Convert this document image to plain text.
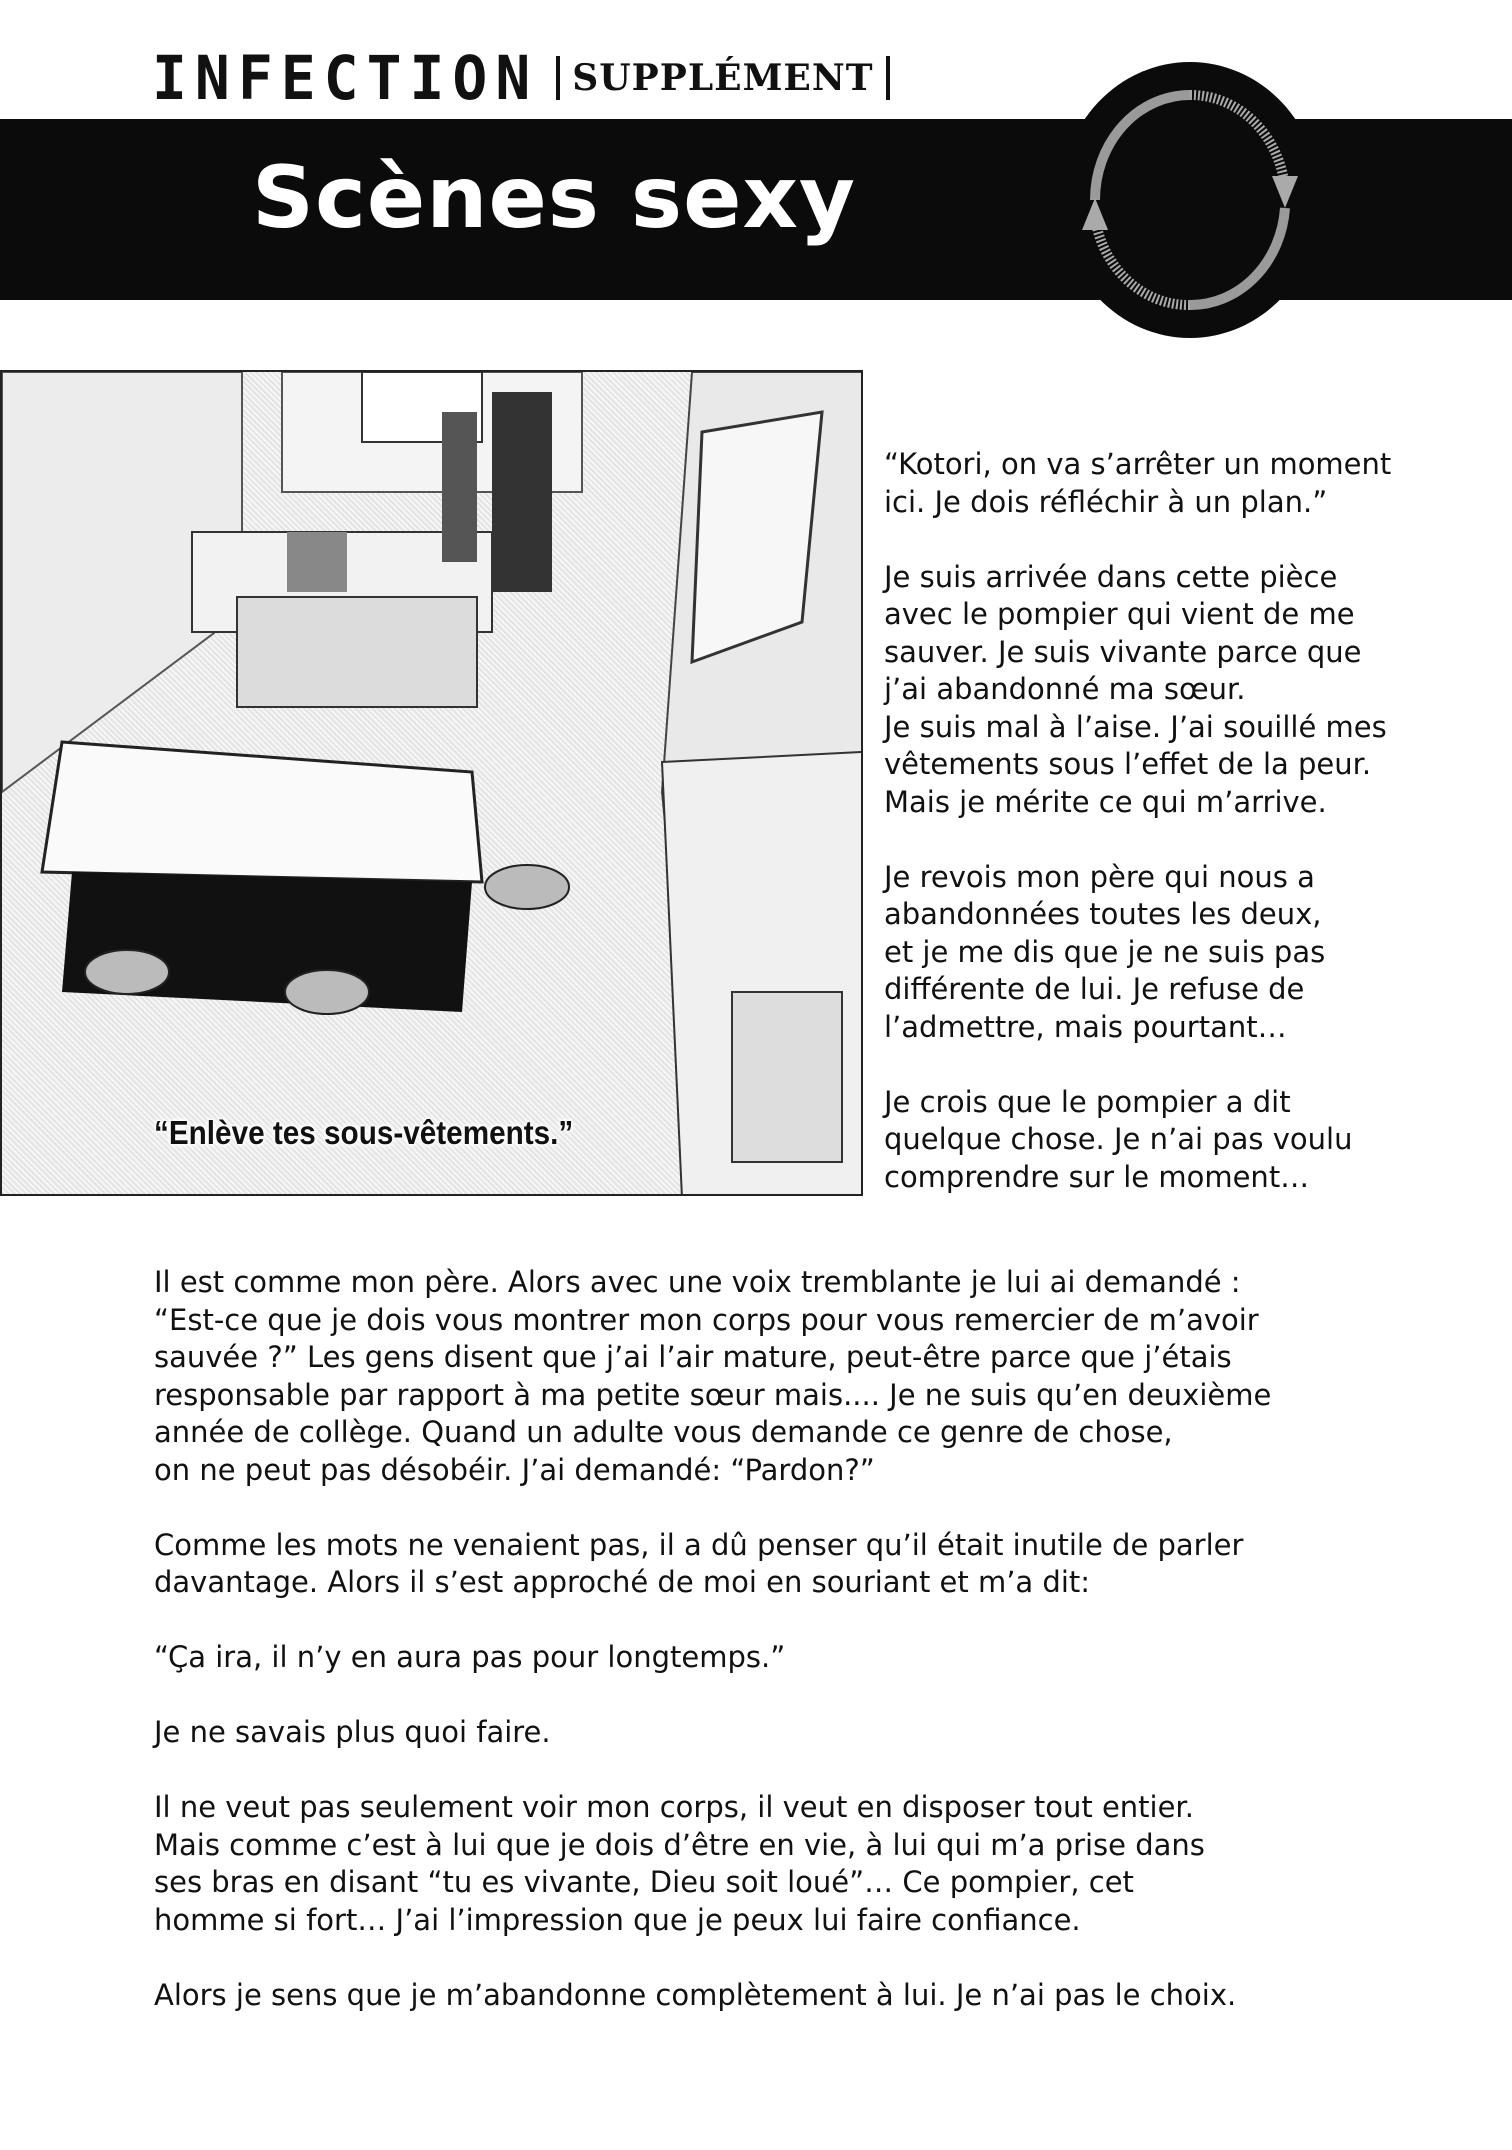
INFECTION SUPPLÉMENT
Scènes sexy
“Enlève tes sous-vêtements.”

“Kotori, on va s’arrêter un moment
ici. Je dois réfléchir à un plan.”

Je suis arrivée dans cette pièce
avec le pompier qui vient de me
sauver. Je suis vivante parce que
j’ai abandonné ma sœur.
Je suis mal à l’aise. J’ai souillé mes
vêtements sous l’effet de la peur.
Mais je mérite ce qui m’arrive.

Je revois mon père qui nous a
abandonnées toutes les deux,
et je me dis que je ne suis pas
différente de lui. Je refuse de
l’admettre, mais pourtant…

Je crois que le pompier a dit
quelque chose. Je n’ai pas voulu
comprendre sur le moment…

Il est comme mon père. Alors avec une voix tremblante je lui ai demandé :
“Est-ce que je dois vous montrer mon corps pour vous remercier de m’avoir
sauvée ?” Les gens disent que j’ai l’air mature, peut-être parce que j’étais
responsable par rapport à ma petite sœur mais.... Je ne suis qu’en deuxième
année de collège. Quand un adulte vous demande ce genre de chose,
on ne peut pas désobéir. J’ai demandé: “Pardon?”

Comme les mots ne venaient pas, il a dû penser qu’il était inutile de parler
davantage. Alors il s’est approché de moi en souriant et m’a dit:

“Ça ira, il n’y en aura pas pour longtemps.”

Je ne savais plus quoi faire.

Il ne veut pas seulement voir mon corps, il veut en disposer tout entier.
Mais comme c’est à lui que je dois d’être en vie, à lui qui m’a prise dans
ses bras en disant “tu es vivante, Dieu soit loué”… Ce pompier, cet
homme si fort… J’ai l’impression que je peux lui faire confiance.

Alors je sens que je m’abandonne complètement à lui. Je n’ai pas le choix.
